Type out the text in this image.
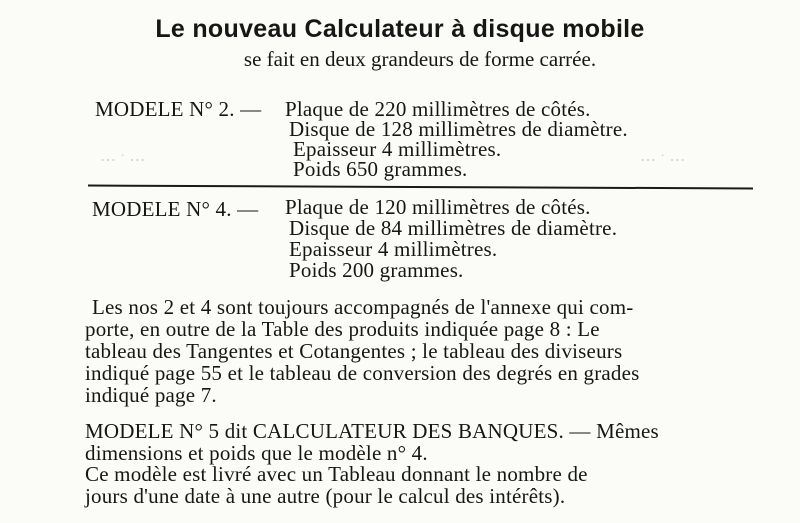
Le nouveau Calculateur à disque mobile
se fait en deux grandeurs de forme carrée.
⋯ ˙ ⋯	⋯ ˙ ⋯
MODELE N° 2. — Plaque de 220 millimètres de côtés.
Disque de 128 millimètres de diamètre.
Epaisseur 4 millimètres.
Poids 650 grammes.
MODELE N° 4. — Plaque de 120 millimètres de côtés.
Disque de 84 millimètres de diamètre.
Epaisseur 4 millimètres.
Poids 200 grammes.
Les nos 2 et 4 sont toujours accompagnés de l'annexe qui com-
porte, en outre de la Table des produits indiquée page 8 : Le
tableau des Tangentes et Cotangentes ; le tableau des diviseurs
indiqué page 55 et le tableau de conversion des degrés en grades
indiqué page 7.
MODELE N° 5 dit CALCULATEUR DES BANQUES. — Mêmes
dimensions et poids que le modèle n° 4.
Ce modèle est livré avec un Tableau donnant le nombre de
jours d'une date à une autre (pour le calcul des intérêts).
